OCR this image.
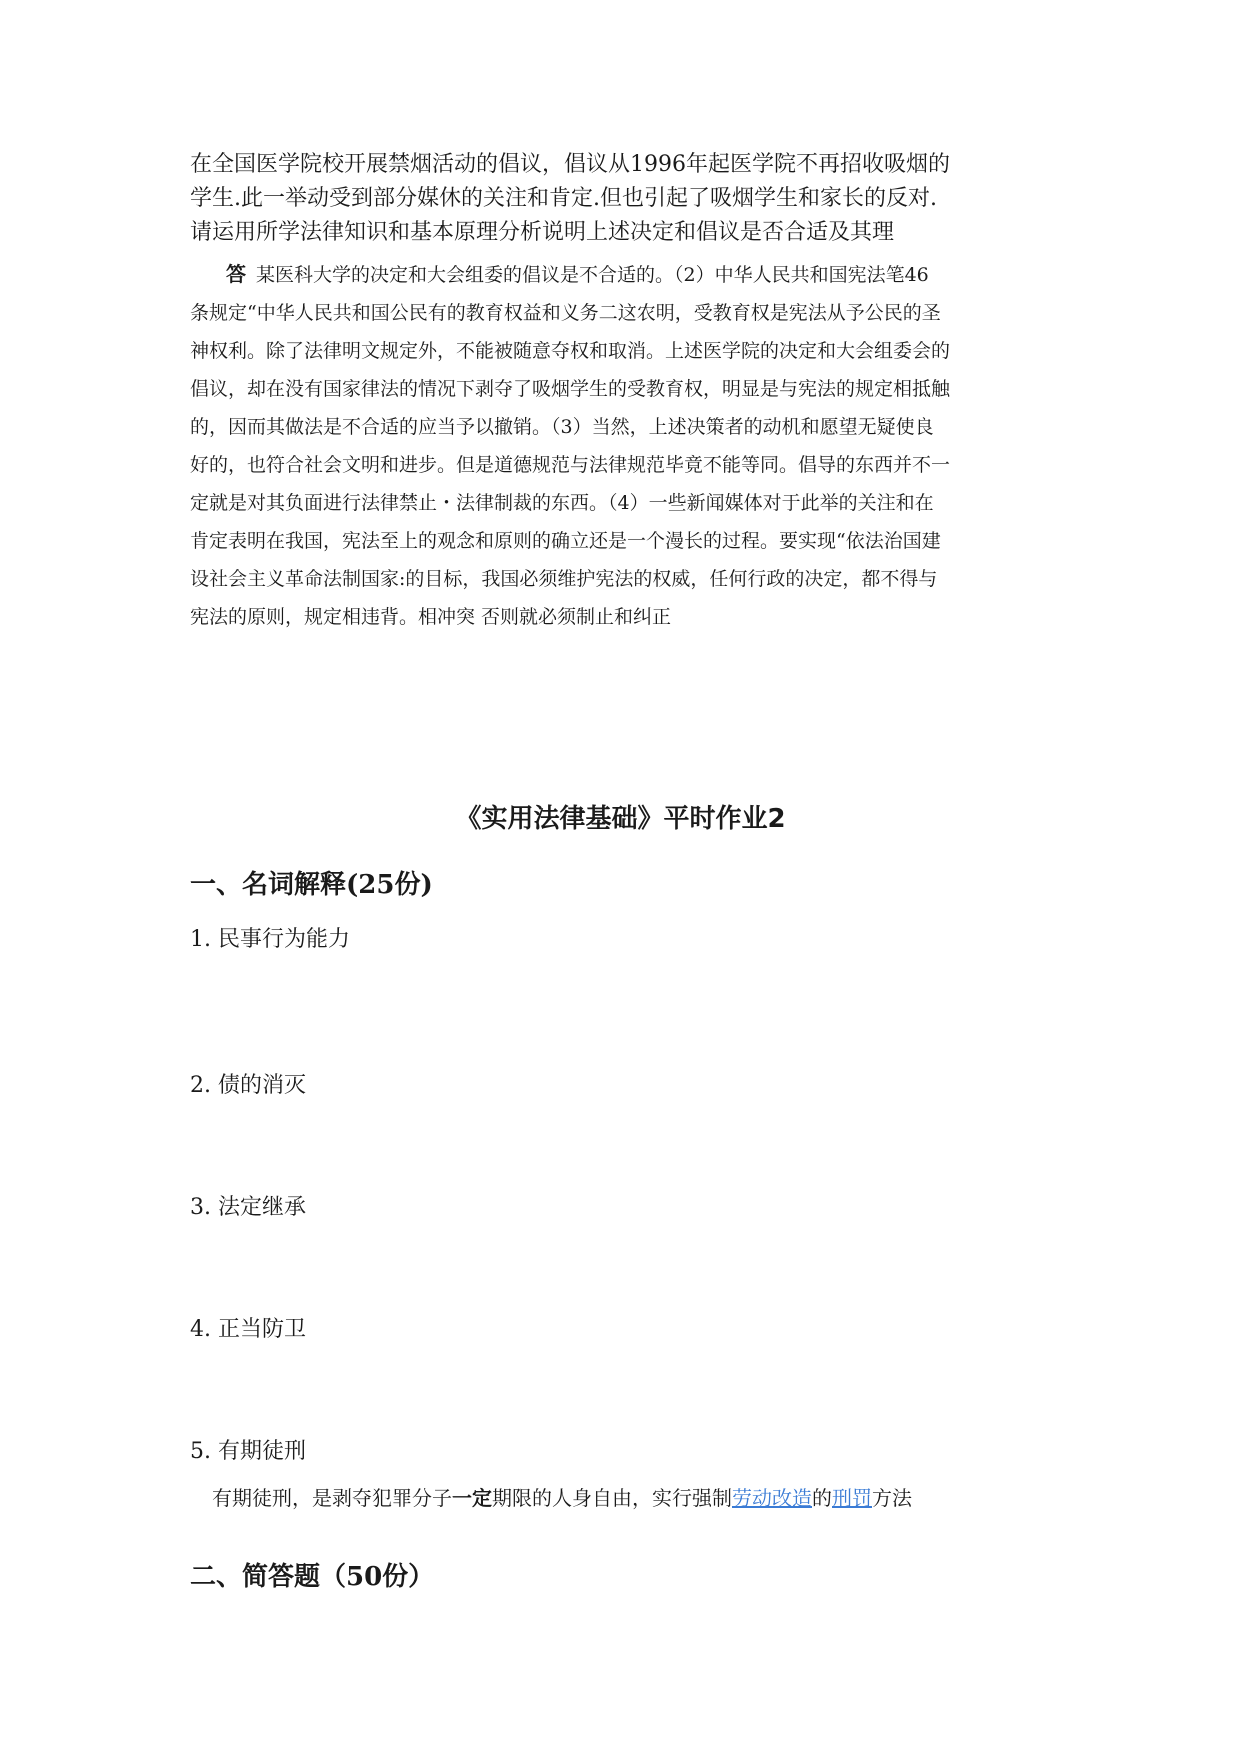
在全国医学院校开展禁烟活动的倡议，倡议从1996年起医学院不再招收吸烟的
学生.此一举动受到部分媒休的关注和肯定.但也引起了吸烟学生和家长的反对.
请运用所学法律知识和基本原理分析说明上述决定和倡议是否合适及其理

答 某医科大学的决定和大会组委的倡议是不合适的。（2）中华人民共和国宪法笔46
条规定“中华人民共和国公民有的教育权益和义务二这农明，受教育权是宪法从予公民的圣
神权利。除了法律明文规定外，不能被随意夺权和取消。上述医学院的决定和大会组委会的
倡议，却在没有国家律法的情况下剥夺了吸烟学生的受教育权，明显是与宪法的规定相抵触
的，因而其做法是不合适的应当予以撤销。（3）当然，上述决策者的动机和愿望无疑使良
好的，也符合社会文明和进步。但是道德规范与法律规范毕竟不能等同。倡导的东西并不一
定就是对其负面进行法律禁止・法律制裁的东西。（4）一些新闻媒体对于此举的关注和在
肯定表明在我国，宪法至上的观念和原则的确立还是一个漫长的过程。要实现“依法治国建
设社会主义革命法制国家:的目标，我国必须维护宪法的权威，任何行政的决定，都不得与
宪法的原则，规定相违背。相冲突 否则就必须制止和纠正

《实用法律基础》平时作业2
一、名词解释(25份)

1. 民事行为能力

2. 债的消灭

3. 法定继承

4. 正当防卫

5. 有期徒刑

有期徒刑，是剥夺犯罪分子一定期限的人身自由，实行强制劳动改造的刑罚方法

二、简答题（50份）
